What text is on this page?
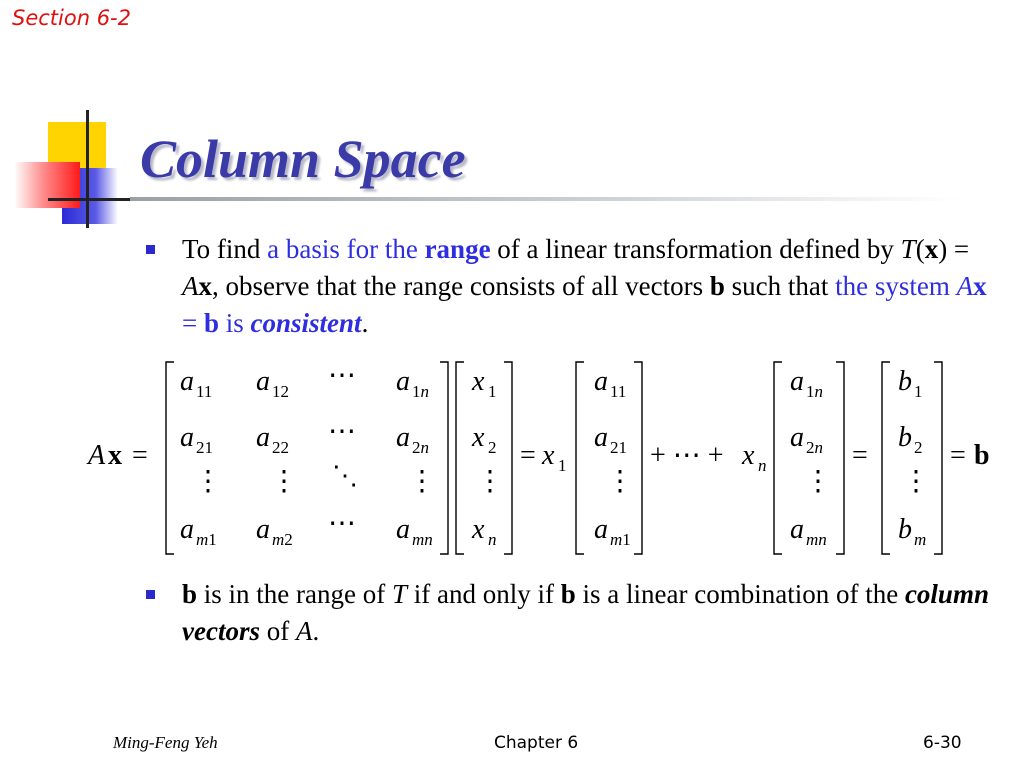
Section 6-2
Column Space
To find a basis for the range of a linear transformation defined by T(x) = Ax, observe that the range consists of all vectors b such that the system Ax = b is consistent.
A x =
a 11 a 12
⋯ a 1n
a 21 a 22
⋯ a 2n
a m1 a m2
⋯ a mn
⋮ ⋮ ⋱ ⋮
x 1
x 2
x n
⋮
= x 1
a 11
a 21
a m1
⋮
+ ⋯ + x n
a 1n
a 2n
a mn
⋮
=
b 1
b 2
b m
⋮
= b
b is in the range of T if and only if b is a linear combination of the column vectors of A.
Ming-Feng Yeh	Chapter 6	6-30
